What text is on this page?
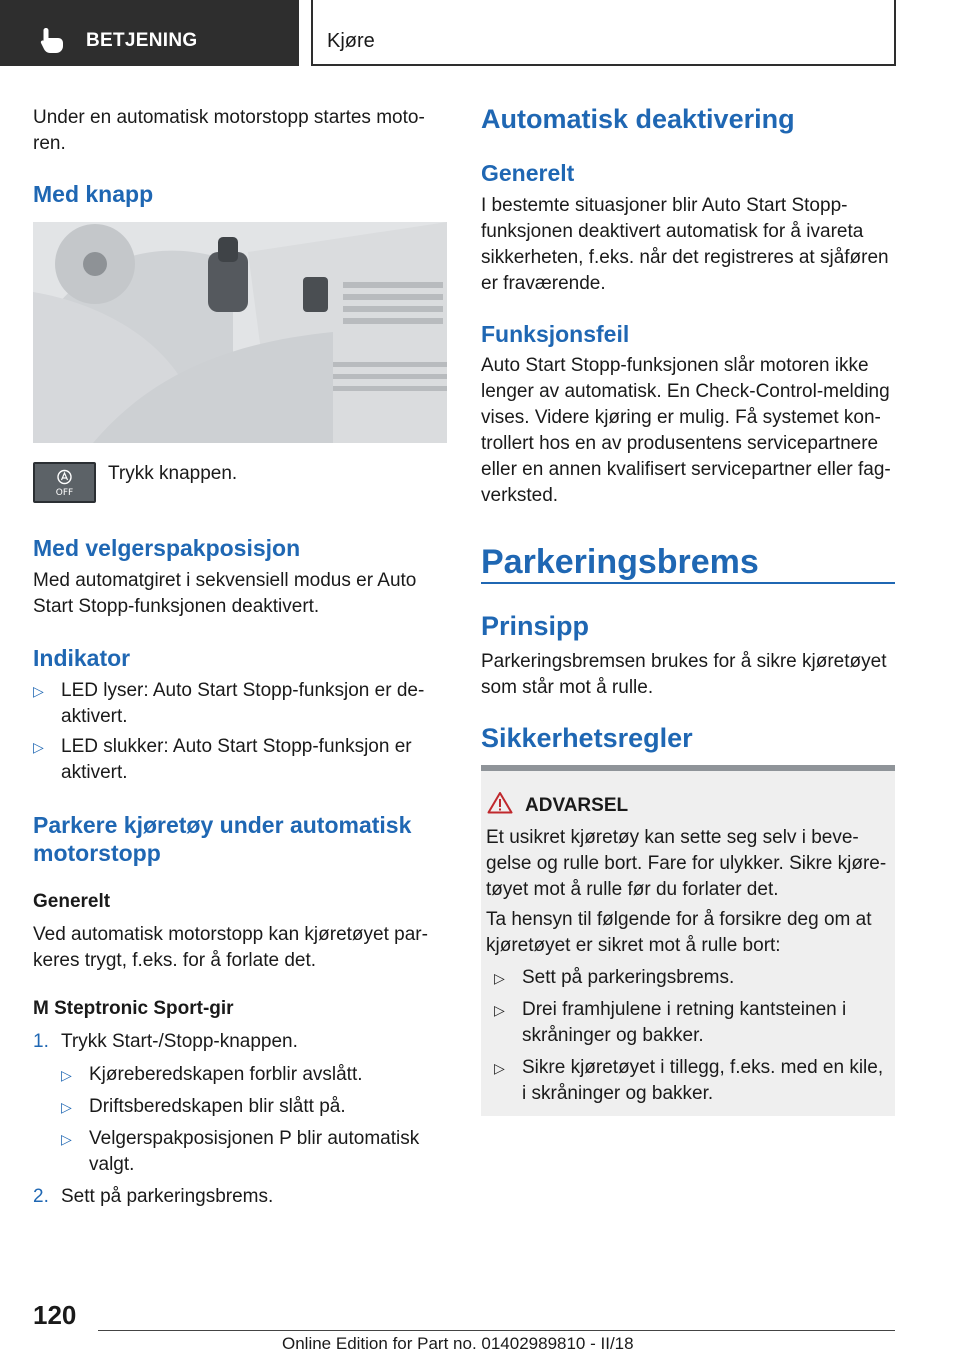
BETJENING	Kjøre
Under en automatisk motorstopp startes moto-ren.
Med knapp
OFF
Trykk knappen.
Med velgerspakposisjon
Med automatgiret i sekvensiell modus er Auto Start Stopp-funksjonen deaktivert.
Indikator
▷ LED lyser: Auto Start Stopp-funksjon er de-aktivert.
▷ LED slukker: Auto Start Stopp-funksjon er aktivert.
Parkere kjøretøy under automatisk motorstopp
Generelt
Ved automatisk motorstopp kan kjøretøyet par-keres trygt, f.eks. for å forlate det.
M Steptronic Sport-gir
1. Trykk Start-/Stopp-knappen.
▷ Kjøreberedskapen forblir avslått.
▷ Driftsberedskapen blir slått på.
▷ Velgerspakposisjonen P blir automatisk valgt.
2. Sett på parkeringsbrems.
Automatisk deaktivering
Generelt
I bestemte situasjoner blir Auto Start Stopp-funksjonen deaktivert automatisk for å ivareta sikkerheten, f.eks. når det registreres at sjåføren er fraværende.
Funksjonsfeil
Auto Start Stopp-funksjonen slår motoren ikke lenger av automatisk. En Check-Control-melding vises. Videre kjøring er mulig. Få systemet kon-trollert hos en av produsentens servicepartnere eller en annen kvalifisert servicepartner eller fag-verksted.
Parkeringsbrems
Prinsipp
Parkeringsbremsen brukes for å sikre kjøretøyet som står mot å rulle.
Sikkerhetsregler
ADVARSEL
Et usikret kjøretøy kan sette seg selv i beve-gelse og rulle bort. Fare for ulykker. Sikre kjøre-tøyet mot å rulle før du forlater det.
Ta hensyn til følgende for å forsikre deg om at kjøretøyet er sikret mot å rulle bort:
▷ Sett på parkeringsbrems.
▷ Drei framhjulene i retning kantsteinen i skråninger og bakker.
▷ Sikre kjøretøyet i tillegg, f.eks. med en kile, i skråninger og bakker.
120
Online Edition for Part no. 01402989810 - II/18
